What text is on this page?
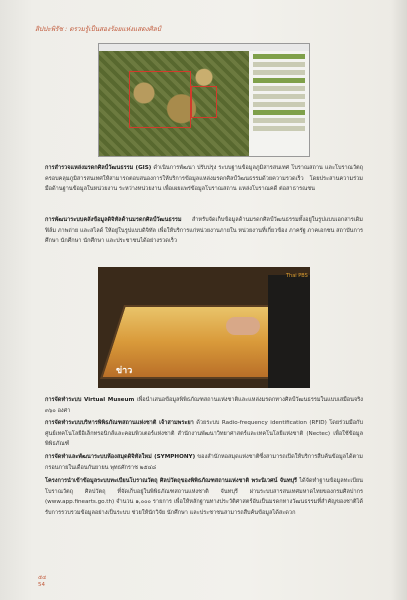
สิปปะพิรัช : ตรวมรู้เป็นสองร้อยแห่งแสดงศิลป์
การสำรวจแหล่งมรดกศิลป์วัฒนธรรม (GIS) ดำเนินการพัฒนา ปรับปรุง ระบบฐานข้อมูลภูมิสารสนเทศ โบราณสถาน และโบราณวัตถุครอบคลุมภูมิสารสนเทศให้สามารถตอบสนองการให้บริการข้อมูลแหล่งมรดกศิลป์วัฒนธรรมด้วยความรวดเร็ว โดยประสานความร่วมมือด้านฐานข้อมูลในหน่วยงาน ระหว่างหน่วยงาน เพื่อเผยแพร่ข้อมูลโบราณสถาน แหล่งโบราณคดี ต่อสาธารณชน
การพัฒนาระบบคลังข้อมูลดิจิทัลด้านมรดกศิลป์วัฒนธรรม สำหรับจัดเก็บข้อมูลด้านมรดกศิลป์วัฒนธรรมทั้งอยู่ในรูปแบบเอกสารเดิม ฟิล์ม ภาพถ่าย และสไลด์ ให้อยู่ในรูปแบบดิจิทัล เพื่อให้บริการแก่หน่วยงานภายใน หน่วยงานที่เกี่ยวข้อง ภาครัฐ ภาคเอกชน สถาบันการศึกษา นักศึกษา นักศึกษา และประชาชนได้อย่างรวดเร็ว
Thai PBS
ข่าว
การจัดทำระบบ Virtual Museum เพื่อนำเสนอข้อมูลพิพิธภัณฑสถานแห่งชาติและแหล่งมรดกทางศิลป์วัฒนธรรมในแบบเสมือนจริง ๓๖๐ องศา
การจัดทำระบบบริหารพิพิธภัณฑสถานแห่งชาติ เจ้าสามพระยา ด้วยระบบ Radio-frequency identification (RFID) โดยร่วมมือกับศูนย์เทคโนโลยีอิเล็กทรอนิกส์และคอมพิวเตอร์แห่งชาติ สำนักงานพัฒนาวิทยาศาสตร์และเทคโนโลยีแห่งชาติ (Nectec) เพื่อใช้ข้อมูลพิพิธภัณฑ์
การจัดทำและพัฒนาระบบห้องสมุดดิจิทัลใหม่ (SYMPHONY) ของสำนักหอสมุดแห่งชาติซึ่งสามารถเปิดให้บริการสืบค้นข้อมูลได้ตามกรอบภายในเดือนกันยายน พุทธศักราช ๒๕๔๘
โครงการนำเข้าข้อมูลระบบทะเบียนโบราณวัตถุ ศิลปวัตถุของพิพิธภัณฑสถานแห่งชาติ พระนิเวศน์ จันทบุรี ได้จัดทำฐานข้อมูลทะเบียนโบราณวัตถุ ศิลปวัตถุ ที่จัดเก็บอยู่ในพิพิธภัณฑสถานแห่งชาติ จันทบุรี ผ่านระบบสารสนเทศมหาดไทยของกรมศิลปากร (www.app.finearts.go.th) จำนวน ๑,๐๐๐ รายการ เพื่อให้หลักฐานทางประวัติศาสตร์อันเป็นมรดกทางวัฒนธรรมที่สำคัญของชาติได้รับการรวบรวมข้อมูลอย่างเป็นระบบ ช่วยให้นักวิจัย นักศึกษา และประชาชนสามารถสืบค้นข้อมูลได้สะดวก
๕๔
54
